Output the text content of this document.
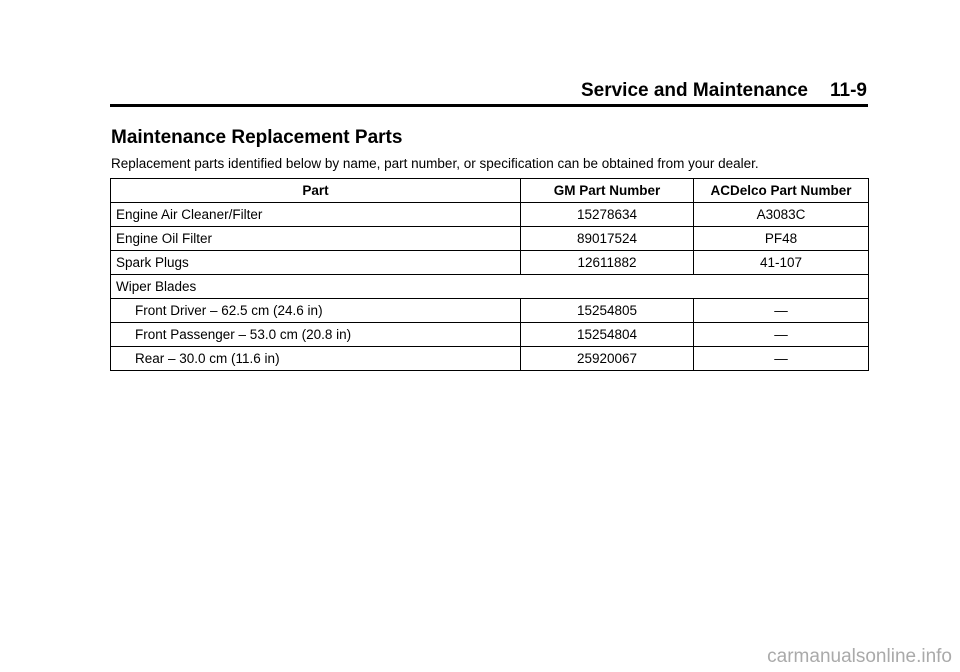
Service and Maintenance 11-9
Maintenance Replacement Parts

Replacement parts identified below by name, part number, or specification can be obtained from your dealer.

Part	GM Part Number	ACDelco Part Number
Engine Air Cleaner/Filter	15278634	A3083C
Engine Oil Filter	89017524	PF48
Spark Plugs	12611882	41-107
Wiper Blades		
Front Driver – 62.5 cm (24.6 in)	15254805	—
Front Passenger – 53.0 cm (20.8 in)	15254804	—
Rear – 30.0 cm (11.6 in)	25920067	—
carmanualsonline.info
